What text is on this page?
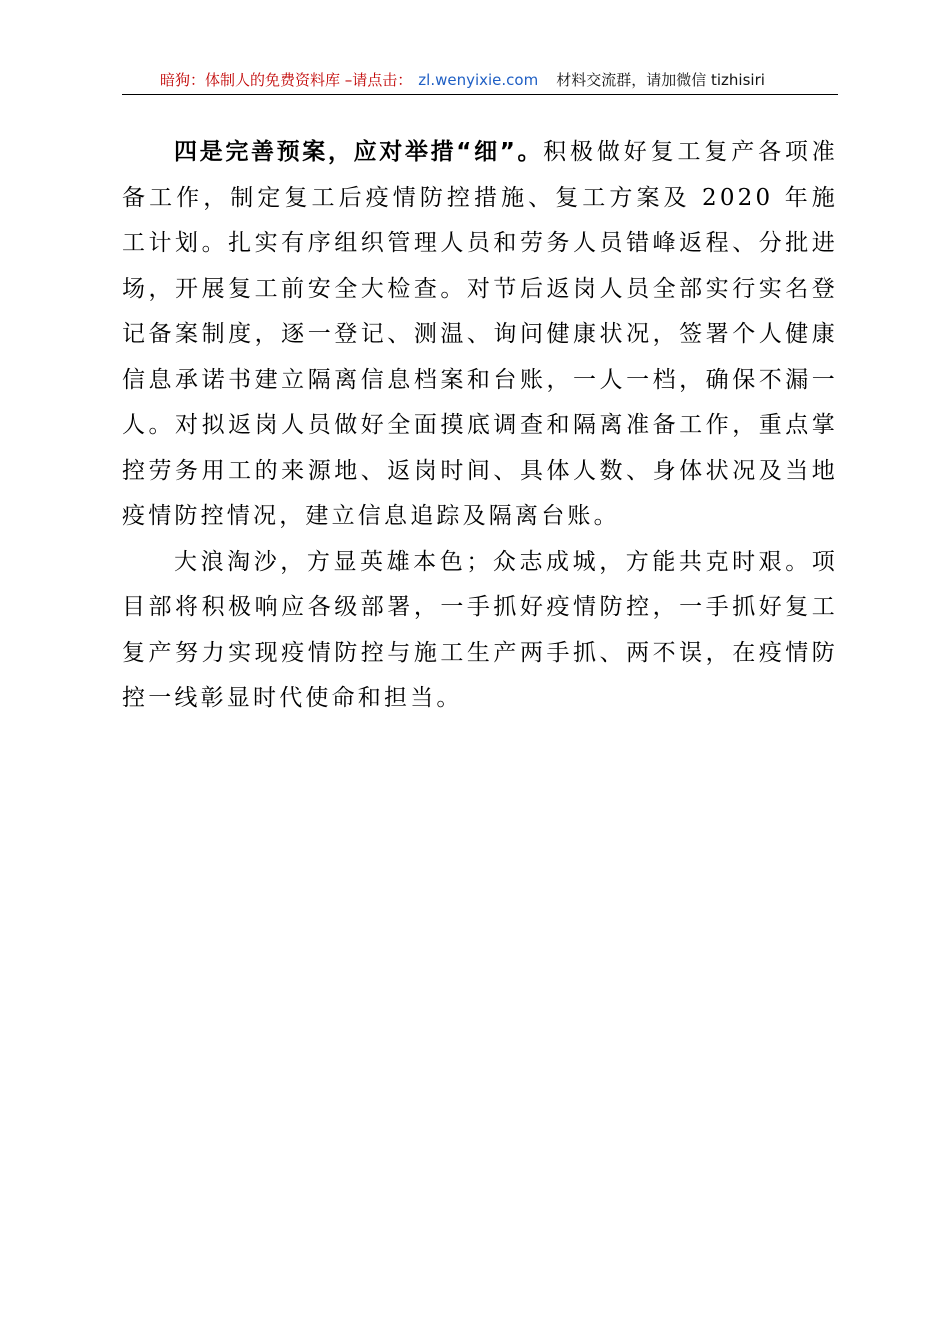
暗狗：体制人的免费资料库 –请点击： zl.wenyixie.com 材料交流群，请加微信 tizhisiri

四是完善预案，应对举措“细”。积极做好复工复产各项准备工作，制定复工后疫情防控措施、复工方案及 2020 年施工计划。扎实有序组织管理人员和劳务人员错峰返程、分批进场，开展复工前安全大检查。对节后返岗人员全部实行实名登记备案制度，逐一登记、测温、询问健康状况，签署个人健康信息承诺书建立隔离信息档案和台账，一人一档，确保不漏一人。对拟返岗人员做好全面摸底调查和隔离准备工作，重点掌控劳务用工的来源地、返岗时间、具体人数、身体状况及当地疫情防控情况，建立信息追踪及隔离台账。

大浪淘沙，方显英雄本色；众志成城，方能共克时艰。项目部将积极响应各级部署，一手抓好疫情防控，一手抓好复工复产努力实现疫情防控与施工生产两手抓、两不误，在疫情防控一线彰显时代使命和担当。
